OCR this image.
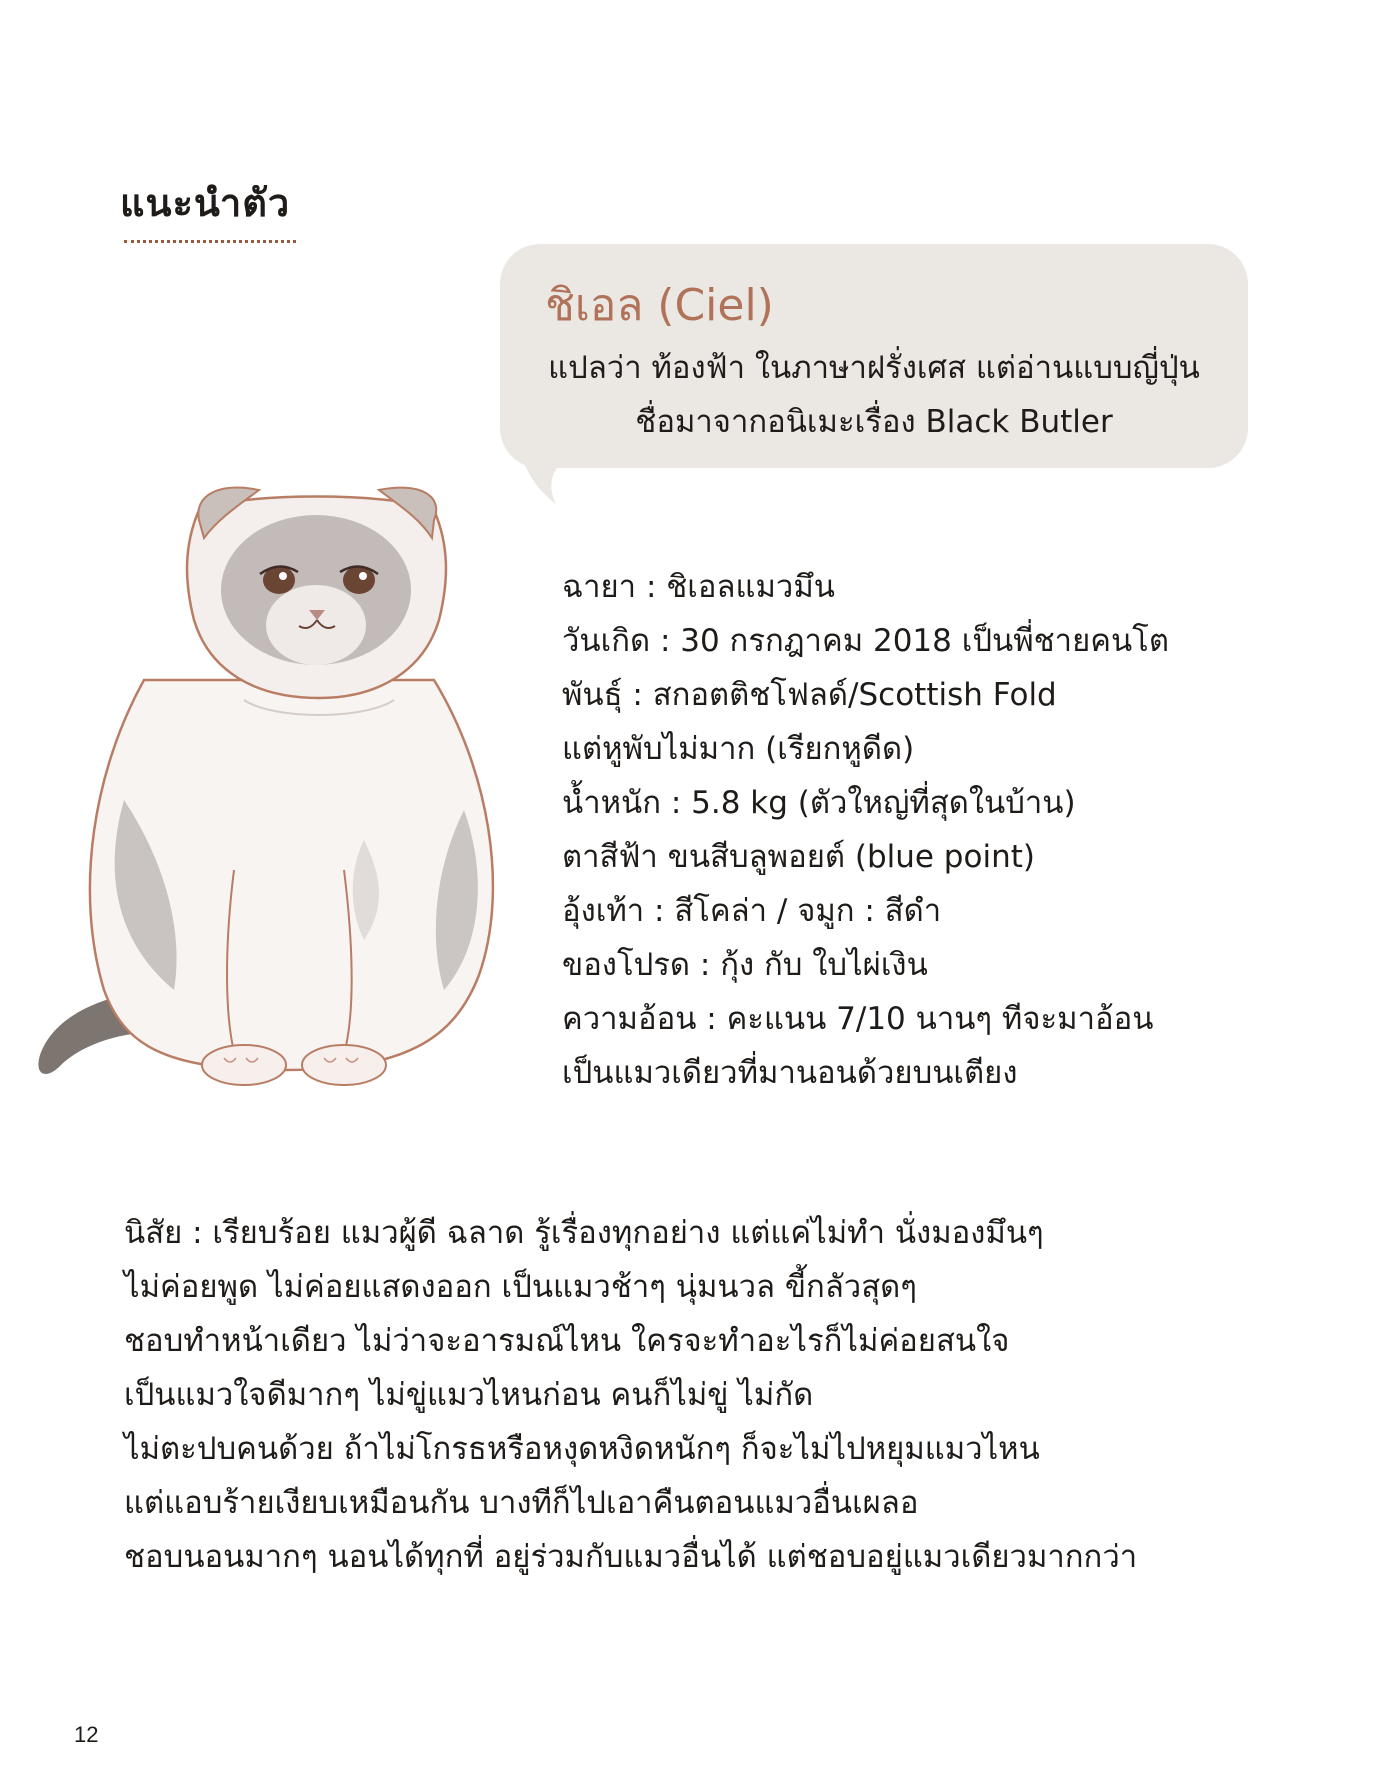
แนะนำตัว
ชิเอล (Ciel)
แปลว่า ท้องฟ้า ในภาษาฝรั่งเศส แต่อ่านแบบญี่ปุ่น
ชื่อมาจากอนิเมะเรื่อง Black Butler
ฉายา : ชิเอลแมวมึน
วันเกิด : 30 กรกฎาคม 2018 เป็นพี่ชายคนโต
พันธุ์ : สกอตติชโฟลด์/Scottish Fold
แต่หูพับไม่มาก (เรียกหูดีด)
น้ำหนัก : 5.8 kg (ตัวใหญ่ที่สุดในบ้าน)
ตาสีฟ้า ขนสีบลูพอยต์ (blue point)
อุ้งเท้า : สีโคล่า / จมูก : สีดำ
ของโปรด : กุ้ง กับ ใบไผ่เงิน
ความอ้อน : คะแนน 7/10 นานๆ ทีจะมาอ้อน
เป็นแมวเดียวที่มานอนด้วยบนเตียง
นิสัย : เรียบร้อย แมวผู้ดี ฉลาด รู้เรื่องทุกอย่าง แต่แค่ไม่ทำ นั่งมองมึนๆ
ไม่ค่อยพูด ไม่ค่อยแสดงออก เป็นแมวช้าๆ นุ่มนวล ขี้กลัวสุดๆ
ชอบทำหน้าเดียว ไม่ว่าจะอารมณ์ไหน ใครจะทำอะไรก็ไม่ค่อยสนใจ
เป็นแมวใจดีมากๆ ไม่ขู่แมวไหนก่อน คนก็ไม่ขู่ ไม่กัด
ไม่ตะปบคนด้วย ถ้าไม่โกรธหรือหงุดหงิดหนักๆ ก็จะไม่ไปหยุมแมวไหน
แต่แอบร้ายเงียบเหมือนกัน บางทีก็ไปเอาคืนตอนแมวอื่นเผลอ
ชอบนอนมากๆ นอนได้ทุกที่ อยู่ร่วมกับแมวอื่นได้ แต่ชอบอยู่แมวเดียวมากกว่า
12
